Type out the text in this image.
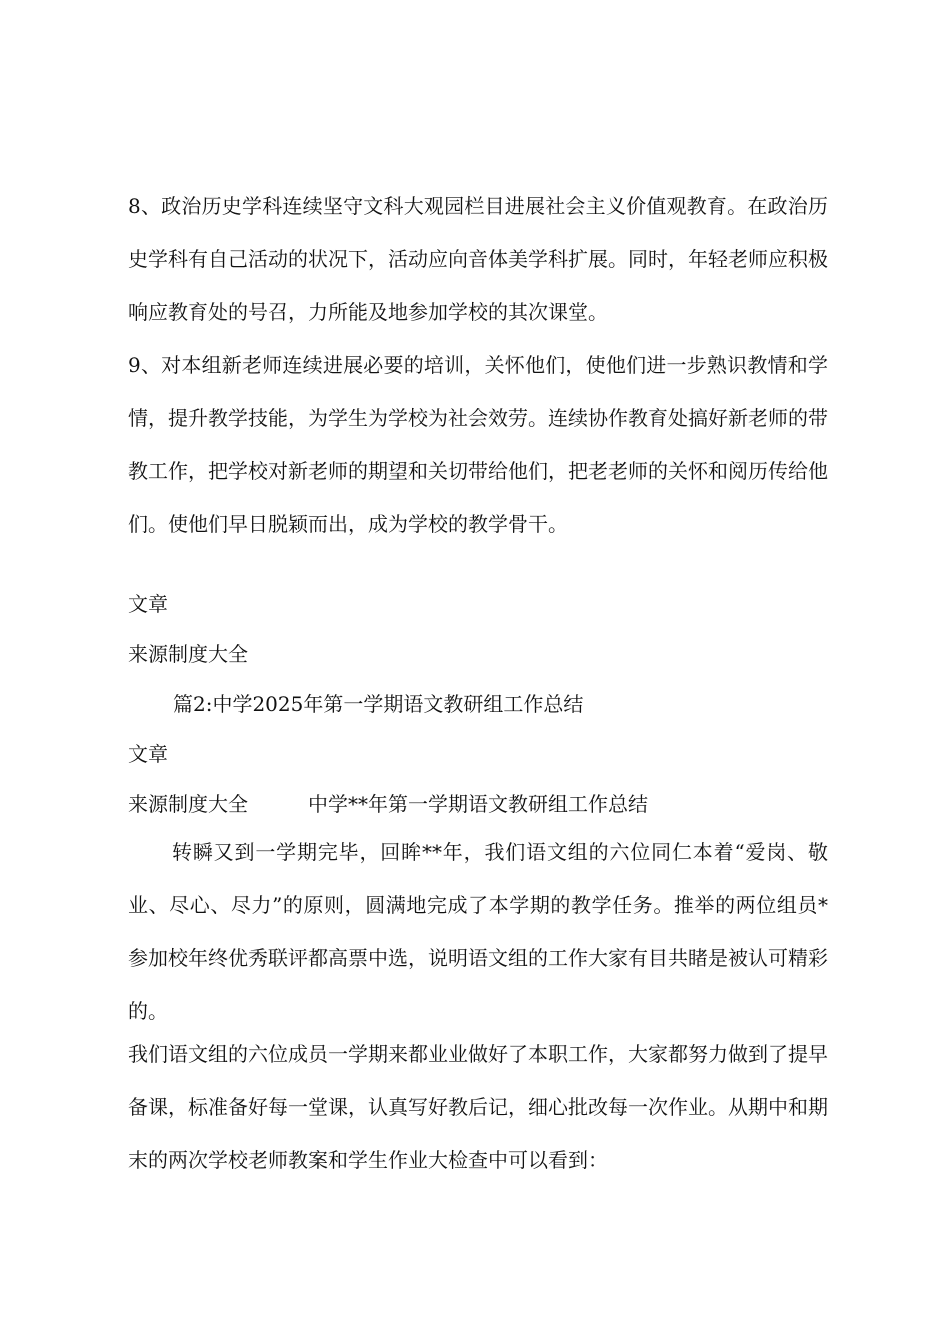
8、政治历史学科连续坚守文科大观园栏目进展社会主义价值观教育。在政治历史学科有自己活动的状况下，活动应向音体美学科扩展。同时，年轻老师应积极响应教育处的号召，力所能及地参加学校的其次课堂。

9、对本组新老师连续进展必要的培训，关怀他们，使他们进一步熟识教情和学情，提升教学技能，为学生为学校为社会效劳。连续协作教育处搞好新老师的带教工作，把学校对新老师的期望和关切带给他们，把老老师的关怀和阅历传给他们。使他们早日脱颖而出，成为学校的教学骨干。

文章

来源制度大全

篇2:中学2025年第一学期语文教研组工作总结

文章

来源制度大全　　　中学**年第一学期语文教研组工作总结

转瞬又到一学期完毕，回眸**年，我们语文组的六位同仁本着“爱岗、敬业、尽心、尽力”的原则，圆满地完成了本学期的教学任务。推举的两位组员*参加校年终优秀联评都高票中选，说明语文组的工作大家有目共睹是被认可精彩的。

我们语文组的六位成员一学期来都业业做好了本职工作，大家都努力做到了提早备课，标准备好每一堂课，认真写好教后记，细心批改每一次作业。从期中和期末的两次学校老师教案和学生作业大检查中可以看到：
